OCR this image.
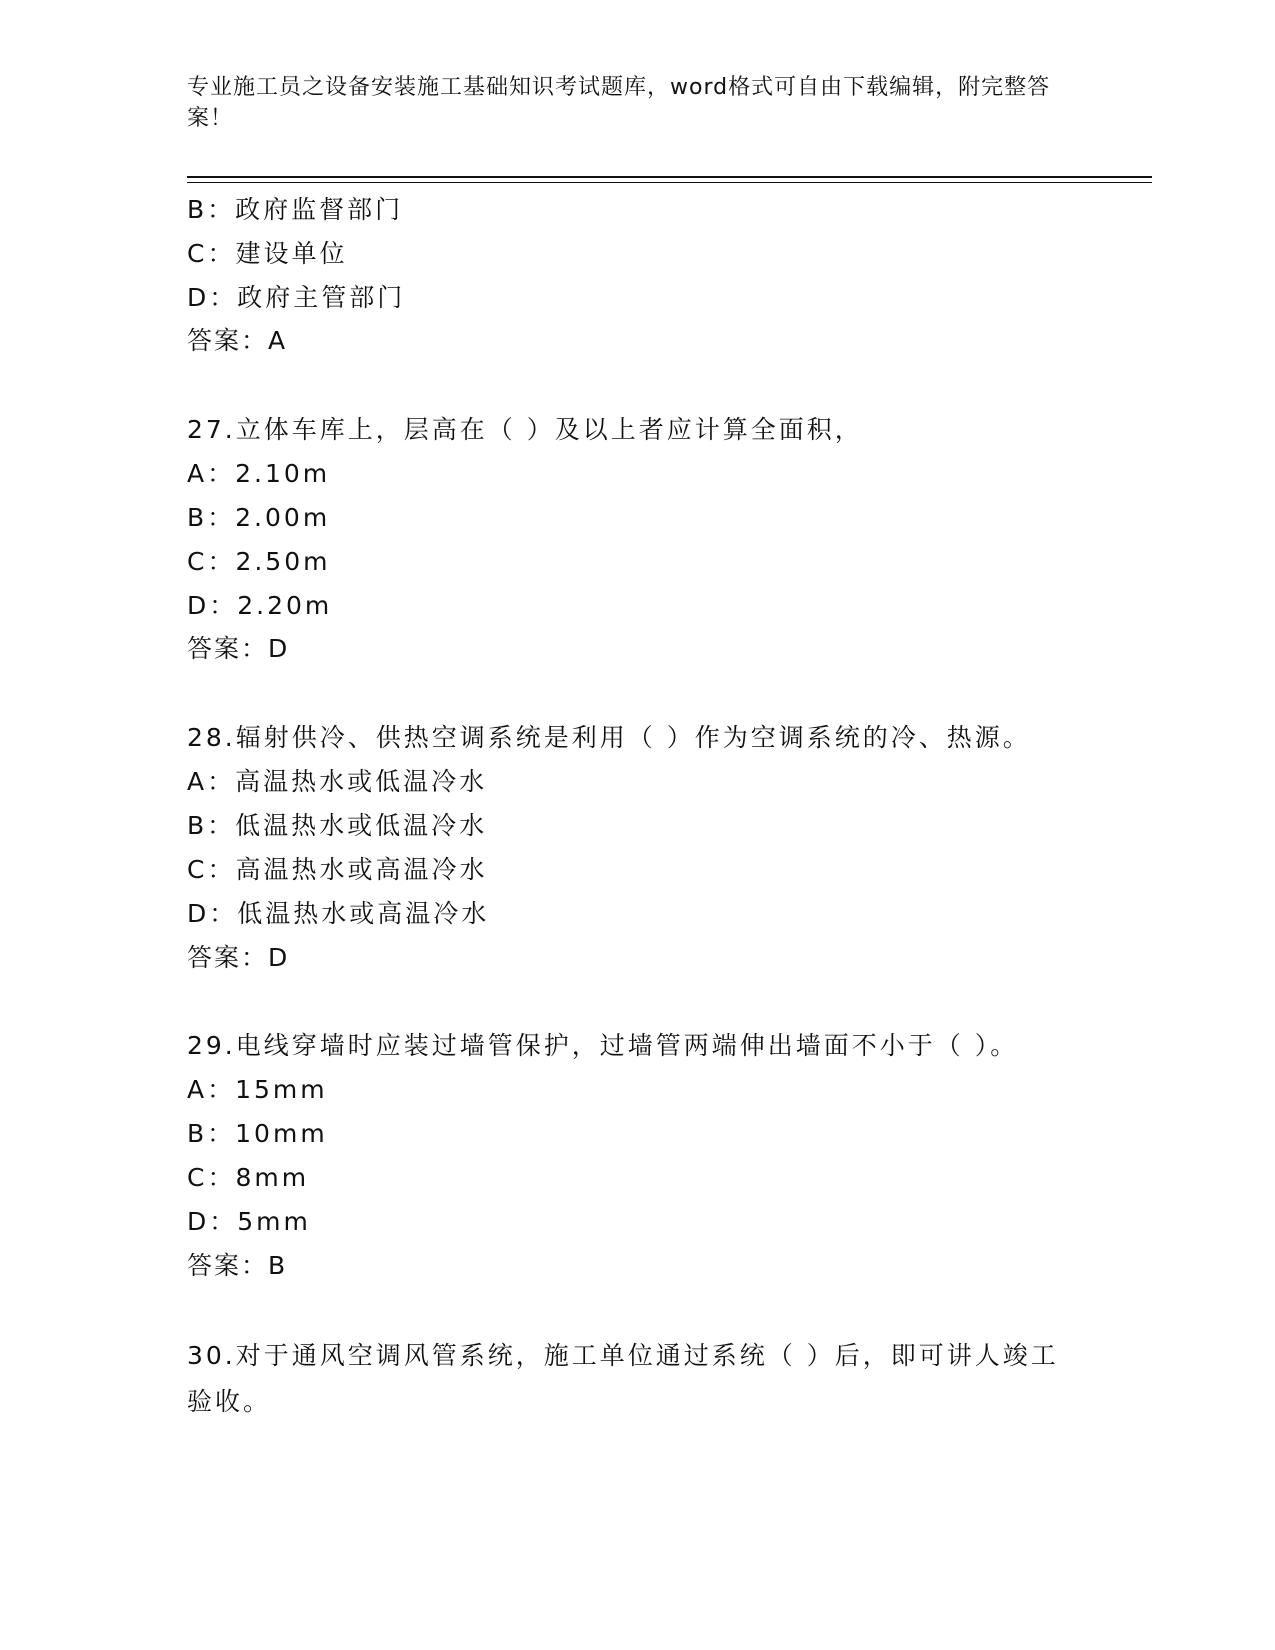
专业施工员之设备安装施工基础知识考试题库，word格式可自由下载编辑，附完整答案！
B：政府监督部门
C：建设单位
D：政府主管部门
答案：A
27.立体车库上，层高在（ ）及以上者应计算全面积，
A：2.10m
B：2.00m
C：2.50m
D：2.20m
答案：D
28.辐射供冷、供热空调系统是利用（ ）作为空调系统的冷、热源。
A：高温热水或低温冷水
B：低温热水或低温冷水
C：高温热水或高温冷水
D：低温热水或高温冷水
答案：D
29.电线穿墙时应装过墙管保护，过墙管两端伸出墙面不小于（ ）。
A：15mm
B：10mm
C：8mm
D：5mm
答案：B
30.对于通风空调风管系统，施工单位通过系统（ ）后，即可讲人竣工验收。
